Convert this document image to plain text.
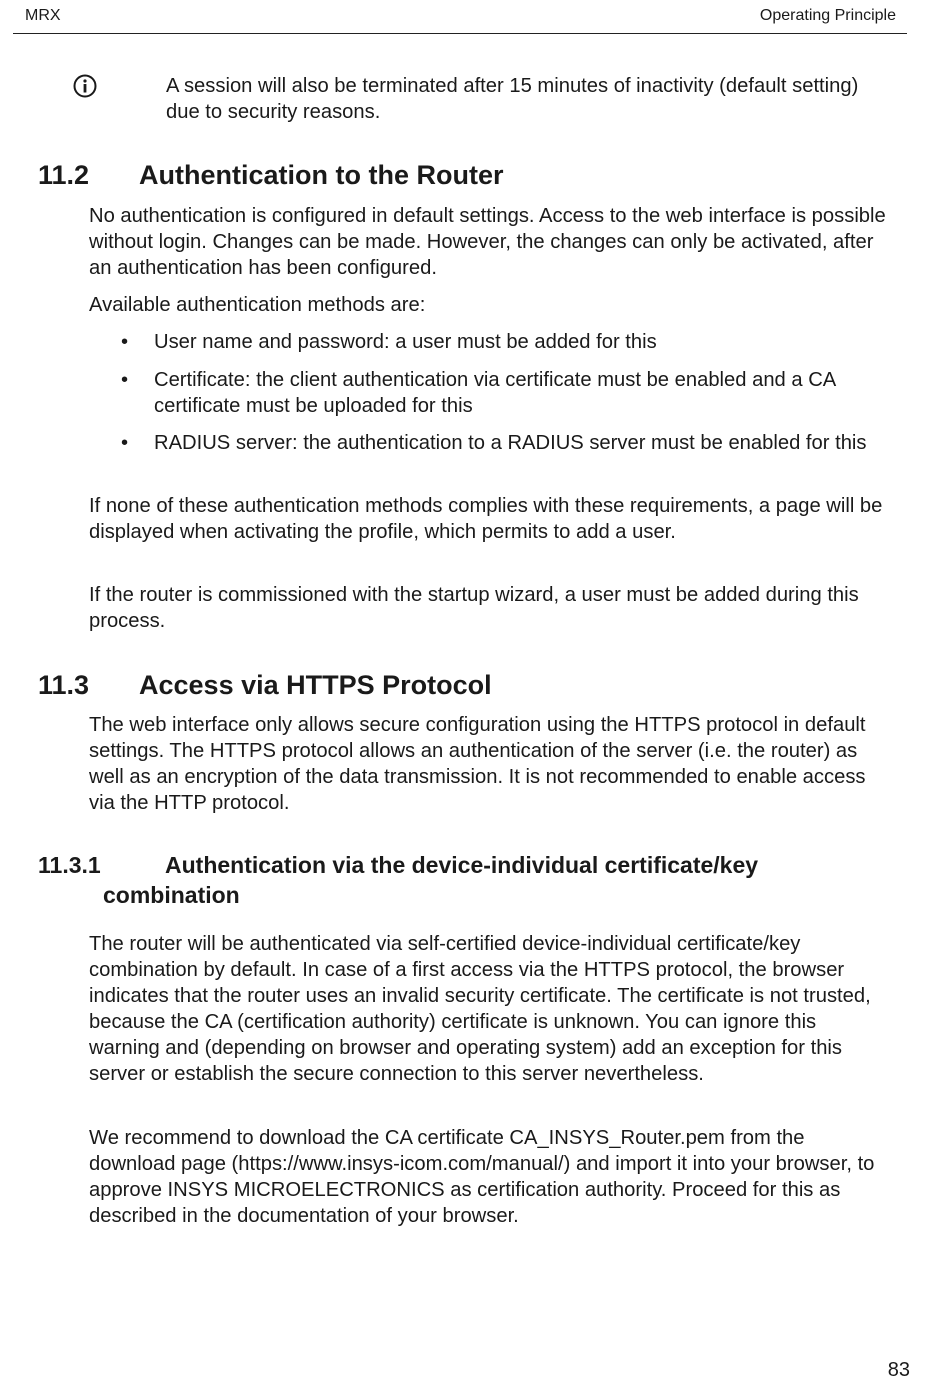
MRX	Operating Principle

A session will also be terminated after 15 minutes of inactivity (default setting) due to security reasons.

11.2 Authentication to the Router

No authentication is configured in default settings. Access to the web interface is possible without login. Changes can be made. However, the changes can only be activated, after an authentication has been configured.

Available authentication methods are:

• User name and password: a user must be added for this

• Certificate: the client authentication via certificate must be enabled and a CA certificate must be uploaded for this

• RADIUS server: the authentication to a RADIUS server must be enabled for this

If none of these authentication methods complies with these requirements, a page will be displayed when activating the profile, which permits to add a user.

If the router is commissioned with the startup wizard, a user must be added during this process.

11.3 Access via HTTPS Protocol

The web interface only allows secure configuration using the HTTPS protocol in default settings. The HTTPS protocol allows an authentication of the server (i.e. the router) as well as an encryption of the data transmission. It is not recommended to enable access via the HTTP protocol.

11.3.1	Authentication via the device-individual certificate/key
combination

The router will be authenticated via self-certified device-individual certificate/key combination by default. In case of a first access via the HTTPS protocol, the browser indicates that the router uses an invalid security certificate. The certificate is not trusted, because the CA (certification authority) certificate is unknown. You can ignore this warning and (depending on browser and operating system) add an exception for this server or establish the secure connection to this server nevertheless.

We recommend to download the CA certificate CA_INSYS_Router.pem from the download page (https://www.insys-icom.com/manual/) and import it into your browser, to approve INSYS MICROELECTRONICS as certification authority. Proceed for this as described in the documentation of your browser.

83
